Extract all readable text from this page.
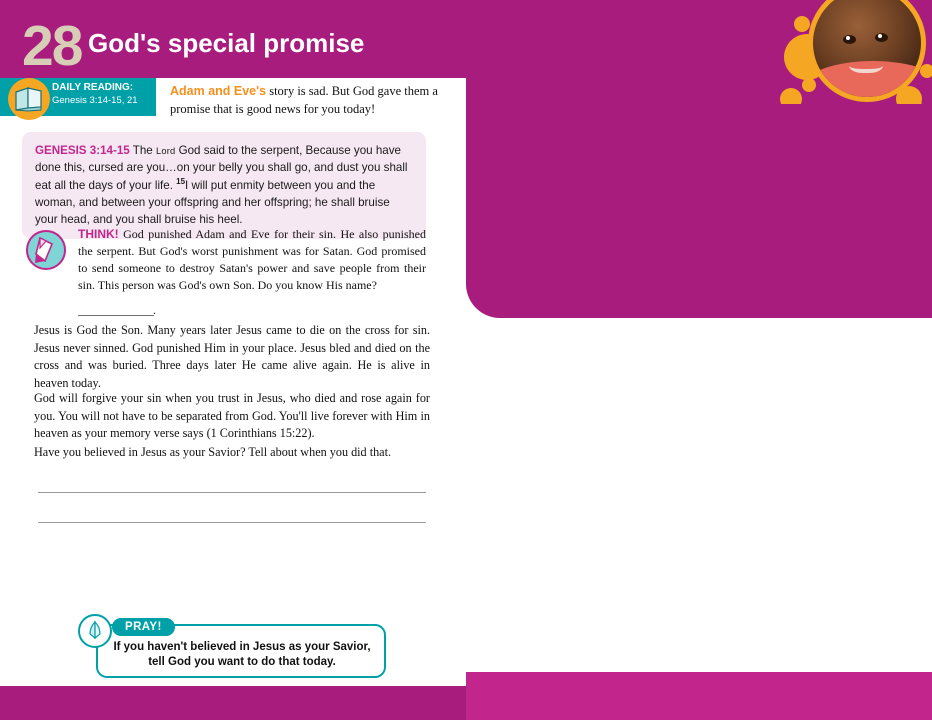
28 God's special promise
DAILY READING:
Genesis 3:14-15, 21
Adam and Eve's story is sad. But God gave them a promise that is good news for you today!
GENESIS 3:14-15 The Lord God said to the serpent, Because you have done this, cursed are you…on your belly you shall go, and dust you shall eat all the days of your life. $^{15}$I will put enmity between you and the woman, and between your offspring and her offspring; he shall bruise your head, and you shall bruise his heel.
THINK! God punished Adam and Eve for their sin. He also punished the serpent. But God's worst punishment was for Satan. God promised to send someone to destroy Satan's power and save people from their sin. This person was God's own Son. Do you know His name?
_______________.
Jesus is God the Son. Many years later Jesus came to die on the cross for sin. Jesus never sinned. God punished Him in your place. Jesus bled and died on the cross and was buried. Three days later He came alive again. He is alive in heaven today.
God will forgive your sin when you trust in Jesus, who died and rose again for you. You will not have to be separated from God. You'll live forever with Him in heaven as your memory verse says (1 Corinthians 15:22).
Have you believed in Jesus as your Savior? Tell about when you did that.
PRAY!
If you haven't believed in Jesus as your Savior, tell God you want to do that today.
